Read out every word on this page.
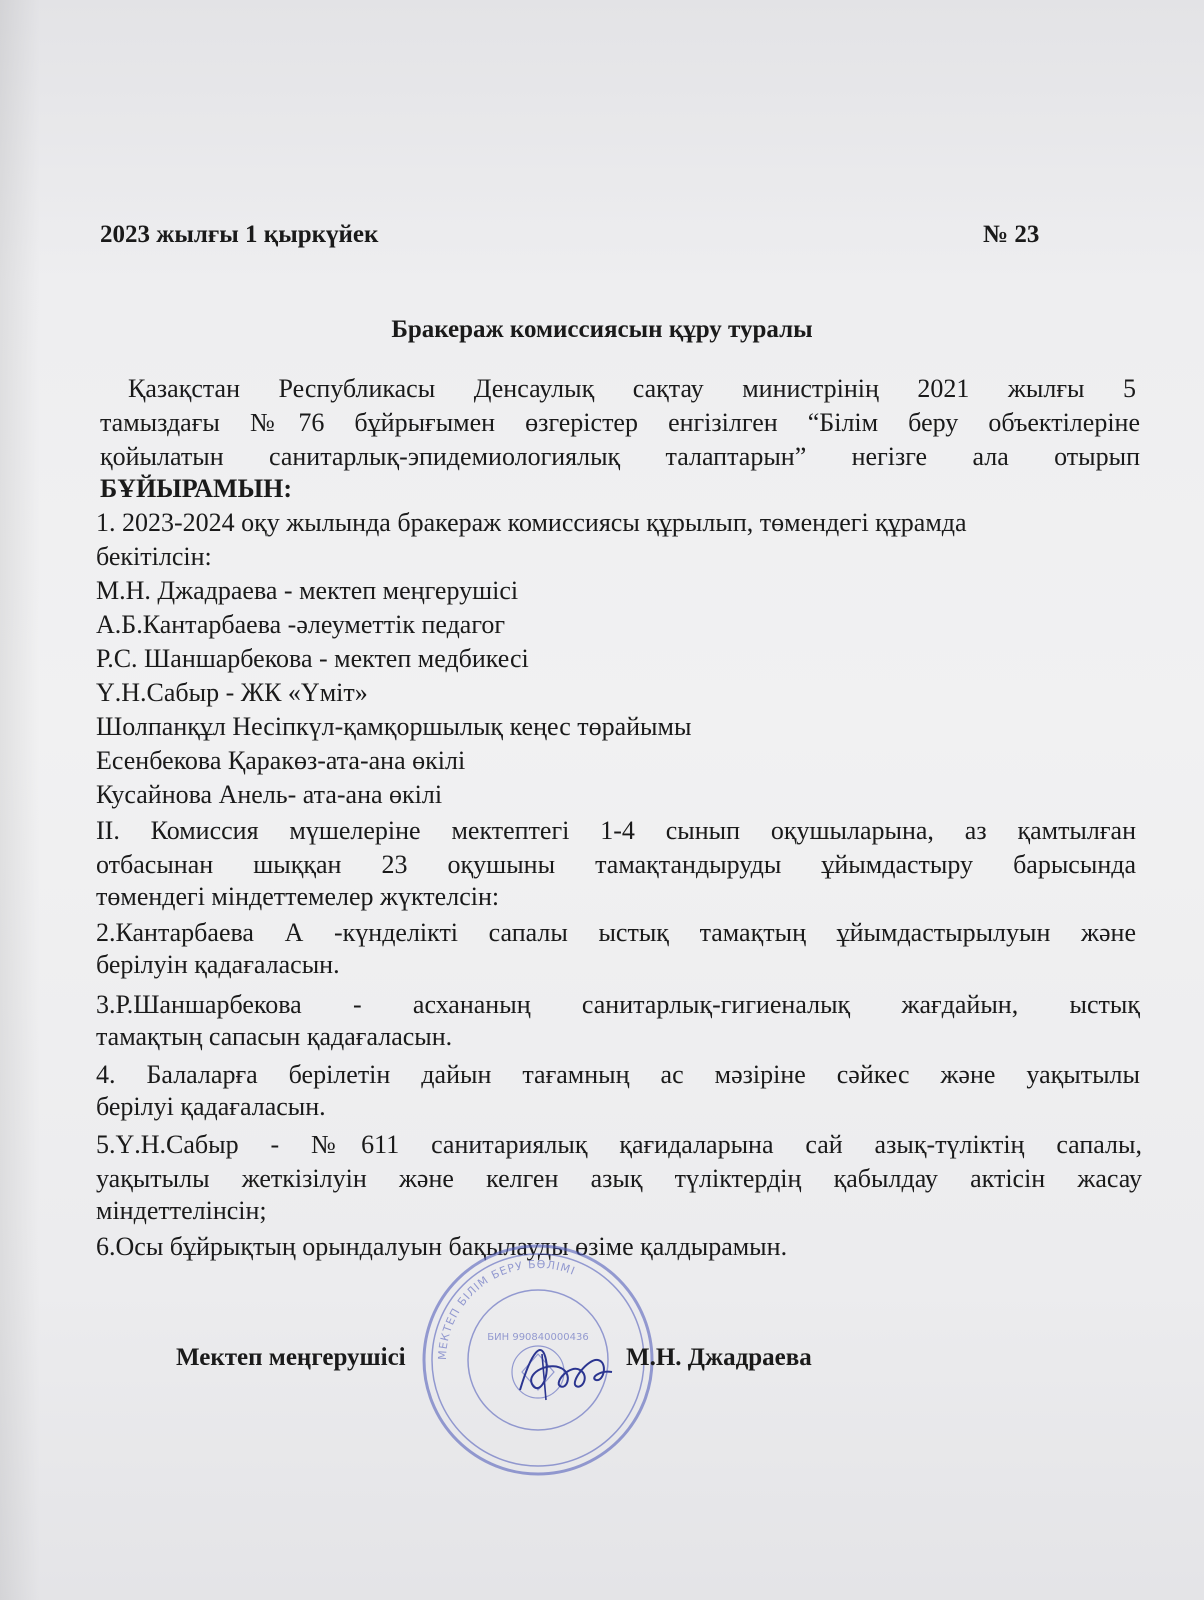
2023 жылғы 1 қыркүйек	№ 23

Бракераж комиссиясын құру туралы

Қазақстан Республикасы Денсаулық сақтау министрінің 2021 жылғы 5

тамыздағы №76 бұйрығымен өзгерістер енгізілген “Білім беру объектілеріне

қойылатын санитарлық-эпидемиологиялық талаптарын” негізге ала отырып

БҰЙЫРАМЫН:

1. 2023-2024 оқу жылында бракераж комиссиясы құрылып, төмендегі құрамда

бекітілсін:

М.Н. Джадраева - мектеп меңгерушісі

А.Б.Кантарбаева -әлеуметтік педагог

Р.С. Шаншарбекова - мектеп медбикесі

Ү.Н.Сабыр - ЖК «Үміт»

Шолпанқұл Несіпкүл-қамқоршылық кеңес төрайымы

Есенбекова Қаракөз-ата-ана өкілі

Кусайнова Анель- ата-ана өкілі

II. Комиссия мүшелеріне мектептегі 1-4 сынып оқушыларына, аз қамтылған

отбасынан шыққан 23 оқушыны тамақтандыруды ұйымдастыру барысында

төмендегі міндеттемелер жүктелсін:

2.Кантарбаева А -күнделікті сапалы ыстық тамақтың ұйымдастырылуын және

берілуін қадағаласын.

3.Р.Шаншарбекова - асхананың санитарлық-гигиеналық жағдайын, ыстық

тамақтың сапасын қадағаласын.

4. Балаларға берілетін дайын тағамның ас мәзіріне сәйкес және уақытылы

берілуі қадағаласын.

5.Ү.Н.Сабыр - №611 санитариялық қағидаларына сай азық-түліктің сапалы,

уақытылы жеткізілуін және келген азық түліктердің қабылдау актісін жасау

міндеттелінсін;

6.Осы бұйрықтың орындалуын бақылауды өзіме қалдырамын.

МЕКТЕП БІЛІМ БЕРУ БӨЛІМІ
БИН 990840000436

Мектеп меңгерушісі	М.Н. Джадраева
